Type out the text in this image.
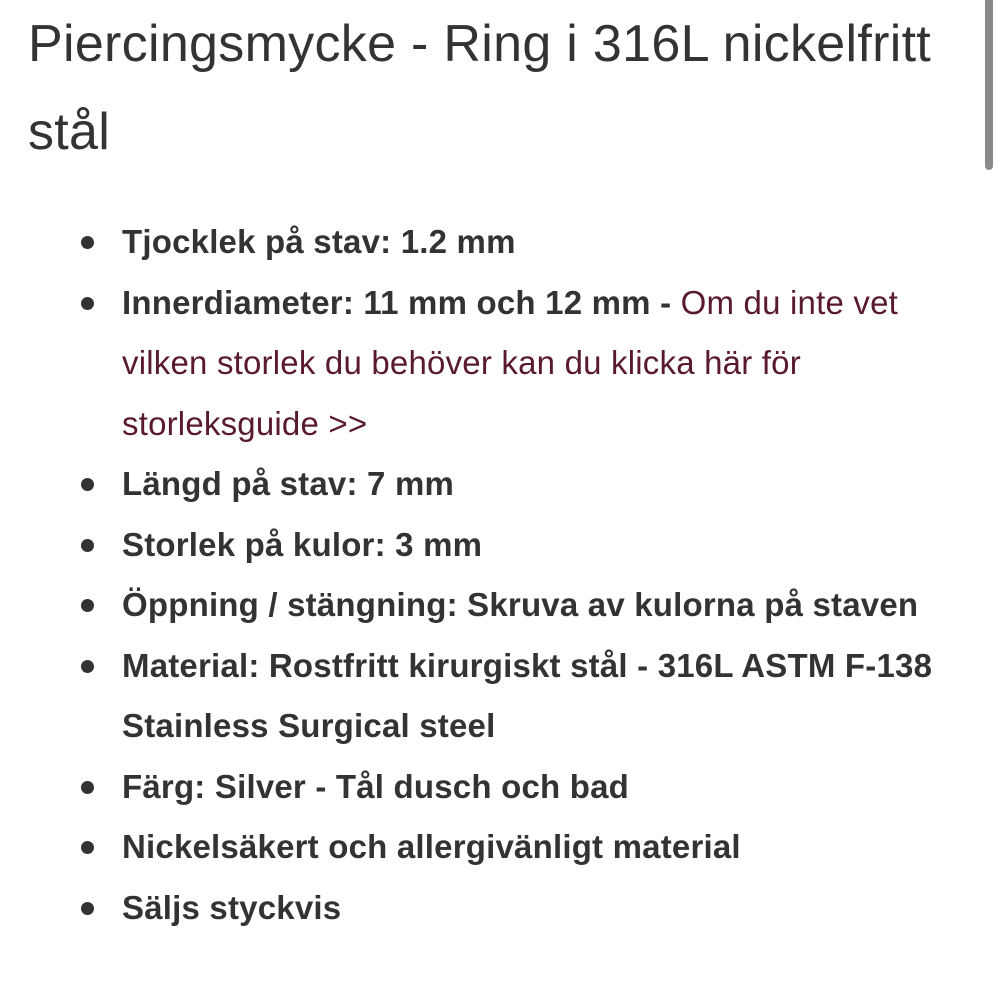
Piercingsmycke - Ring i 316L nickelfritt stål
Tjocklek på stav: 1.2 mm
Innerdiameter: 11 mm och 12 mm - Om du inte vet vilken storlek du behöver kan du klicka här för storleksguide >>
Längd på stav: 7 mm
Storlek på kulor: 3 mm
Öppning / stängning: Skruva av kulorna på staven
Material: Rostfritt kirurgiskt stål - 316L ASTM F-138 Stainless Surgical steel
Färg: Silver - Tål dusch och bad
Nickelsäkert och allergivänligt material
Säljs styckvis
